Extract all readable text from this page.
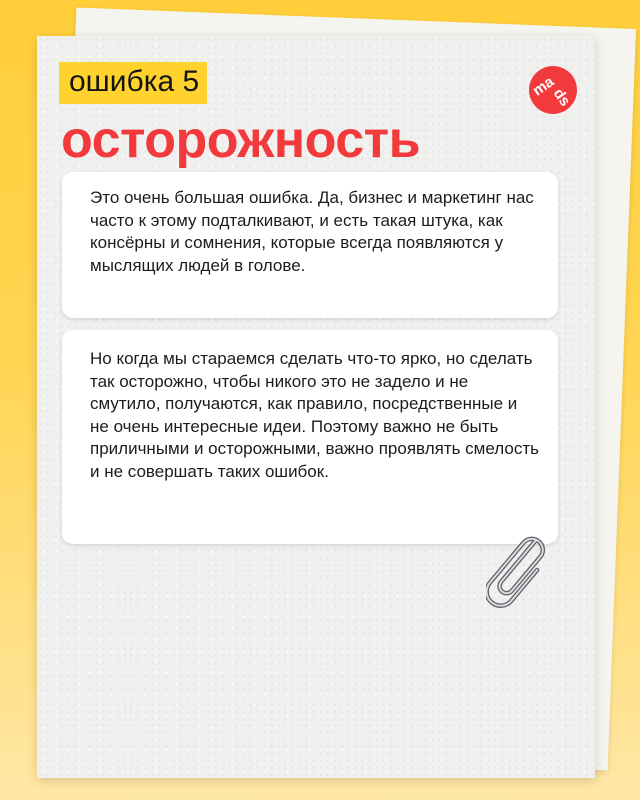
ошибка 5
осторожность
ma
ds

Это очень большая ошибка. Да, бизнес и маркетинг нас часто к этому подталкивают, и есть такая штука, как консёрны и сомнения, которые всегда появляются у мыслящих людей в голове.

Но когда мы стараемся сделать что-то ярко, но сделать так осторожно, чтобы никого это не задело и не смутило, получаются, как правило, посредственные и не очень интересные идеи. Поэтому важно не быть приличными и осторожными, важно проявлять смелость и не совершать таких ошибок.
